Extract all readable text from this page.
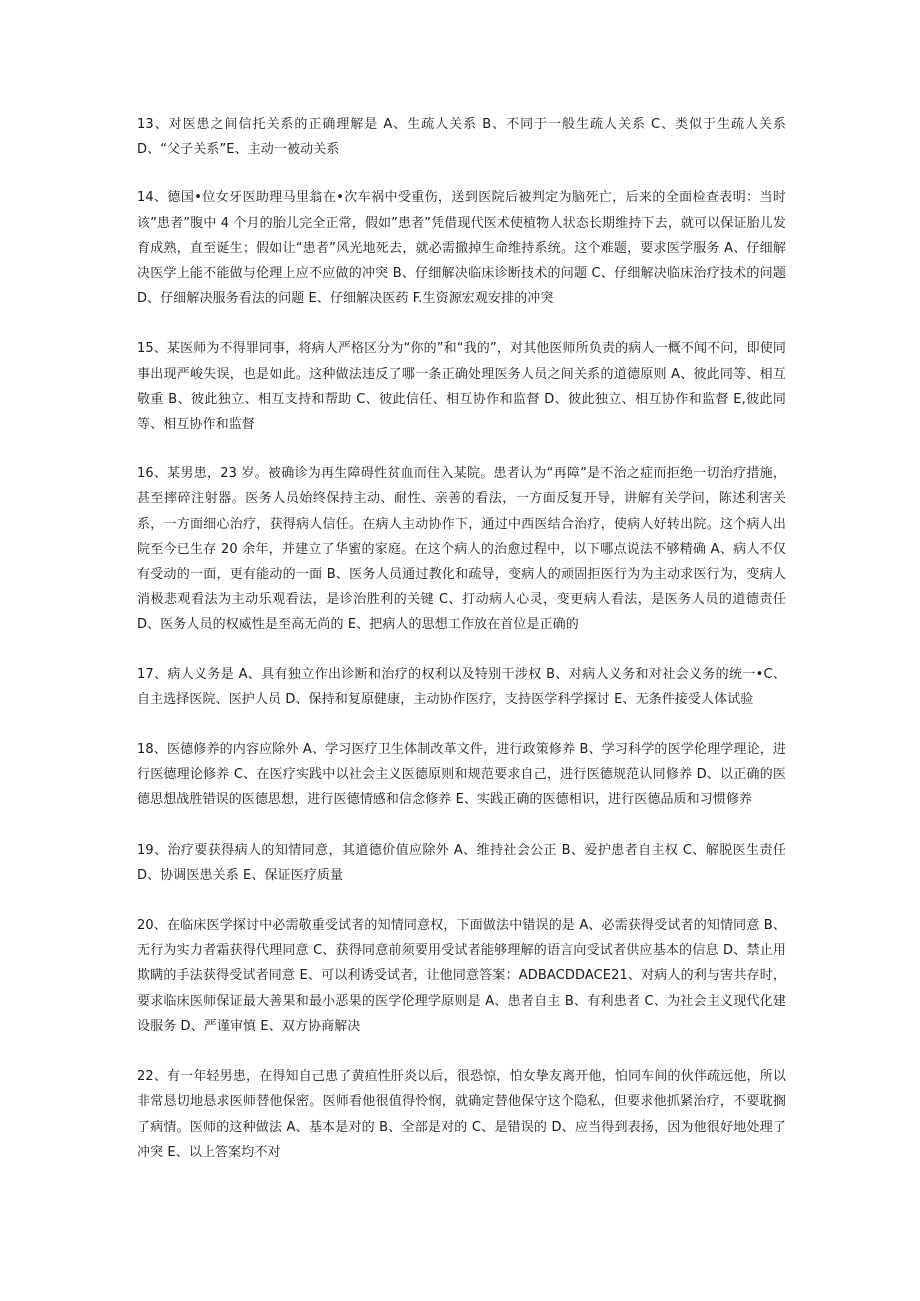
13、对医患之间信托关系的正确理解是 A、生疏人关系 B、不同于一般生疏人关系 C、类似于生疏人关系 D、“父子关系”E、主动一被动关系

14、德国•位女牙医助理马里翁在•次车祸中受重伤，送到医院后被判定为脑死亡，后来的全面检查表明：当时该”患者”腹中 4 个月的胎儿完全正常，假如”患者”凭借现代医术使植物人状态长期维持下去，就可以保证胎儿发育成熟，直至诞生；假如让“患者”风光地死去，就必需撤掉生命维持系统。这个难题，要求医学服务 A、仔细解决医学上能不能做与伦理上应不应做的冲突 B、仔细解决临床诊断技术的问题 C、仔细解决临床治疗技术的问题 D、仔细解决服务看法的问题 E、仔细解决医药 F.生资源宏观安排的冲突

15、某医师为不得罪同事，将病人严格区分为“你的”和“我的”，对其他医师所负责的病人一概不闻不问，即使同事出现严峻失误，也是如此。这种做法违反了哪一条正确处理医务人员之间关系的道德原则 A、彼此同等、相互敬重 B、彼此独立、相互支持和帮助 C、彼此信任、相互协作和监督 D、彼此独立、相互协作和监督 E,彼此同等、相互协作和监督

16、某男患，23 岁。被确诊为再生障碍性贫血而住入某院。患者认为“再障”是不治之症而拒绝一切治疗措施，甚至摔碎注射器。医务人员始终保持主动、耐性、亲善的看法，一方面反复开导，讲解有关学问，陈述利害关系，一方面细心治疗，获得病人信任。在病人主动协作下，通过中西医结合治疗，使病人好转出院。这个病人出院至今已生存 20 余年，并建立了华蜜的家庭。在这个病人的治愈过程中，以下哪点说法不够精确 A、病人不仅有受动的一面，更有能动的一面 B、医务人员通过教化和疏导，变病人的顽固拒医行为为主动求医行为，变病人消极悲观看法为主动乐观看法，是诊治胜利的关键 C、打动病人心灵，变更病人看法，是医务人员的道德责任 D、医务人员的权威性是至高无尚的 E、把病人的思想工作放在首位是正确的

17、病人义务是 A、具有独立作出诊断和治疗的权利以及特别干涉权 B、对病人义务和对社会义务的统一•C、自主选择医院、医护人员 D、保持和复原健康，主动协作医疗，支持医学科学探讨 E、无条件接受人体试验

18、医德修养的内容应除外 A、学习医疗卫生体制改革文件，进行政策修养 B、学习科学的医学伦理学理论，进行医德理论修养 C、在医疗实践中以社会主义医德原则和规范要求自己，进行医德规范认同修养 D、以正确的医德思想战胜错误的医德思想，进行医德情感和信念修养 E、实践正确的医德相识，进行医德品质和习惯修养

19、治疗要获得病人的知情同意，其道德价值应除外 A、维持社会公正 B、爱护患者自主权 C、解脱医生责任 D、协调医患关系 E、保证医疗质量

20、在临床医学探讨中必需敬重受试者的知情同意权，下面做法中错误的是 A、必需获得受试者的知情同意 B、无行为实力者霜获得代理同意 C、获得同意前须要用受试者能够理解的语言向受试者供应基本的信息 D、禁止用欺瞒的手法获得受试者同意 E、可以利诱受试者，让他同意答案：ADBACDDACE21、对病人的利与害共存时，要求临床医师保证最大善果和最小恶果的医学伦理学原则是 A、患者自主 B、有利患者 C、为社会主义现代化建设服务 D、严谨审慎 E、双方协商解决

22、有一年轻男患，在得知自己患了黄疸性肝炎以后，很恐惊，怕女挚友离开他，怕同车间的伙伴疏远他，所以非常恳切地恳求医师替他保密。医师看他很值得怜悯，就确定替他保守这个隐私，但要求他抓紧治疗，不要耽搁了病情。医师的这种做法 A、基本是对的 B、全部是对的 C、是错误的 D、应当得到表扬，因为他很好地处理了冲突 E、以上答案均不对
